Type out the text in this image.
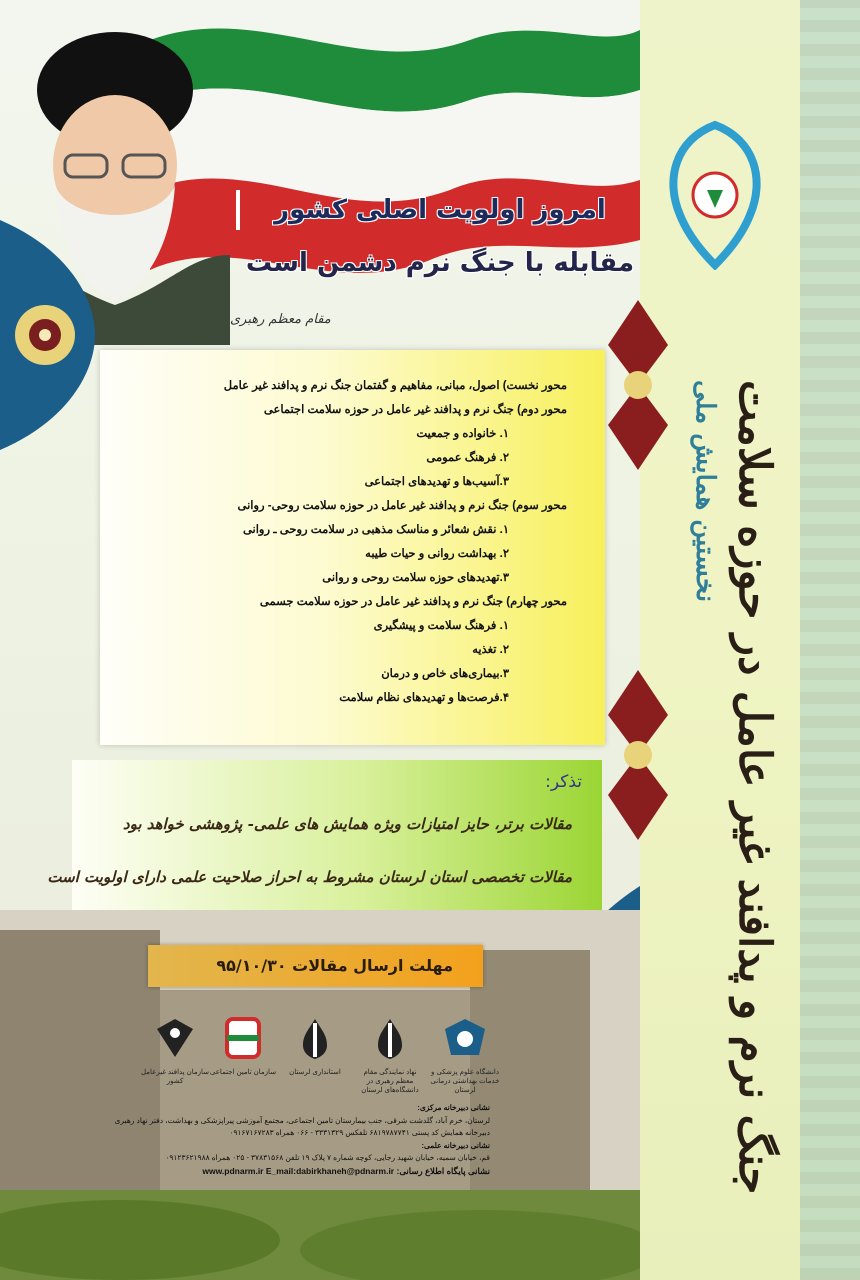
نخستین همایش ملی جنگ نرم و پدافند غیر عامل در حوزه سلامت
امروز اولویت اصلی کشور
مقابله با جنگ نرم دشمن است
مقام معظم رهبری
محور نخست) اصول، مبانی، مفاهیم و گفتمان جنگ نرم و پدافند غیر عامل
محور دوم) جنگ نرم و پدافند غیر عامل در حوزه سلامت اجتماعی
۱. خانواده و جمعیت
۲. فرهنگ عمومی
۳.آسیب‌ها و تهدیدهای اجتماعی
محور سوم) جنگ نرم و پدافند غیر عامل در حوزه سلامت روحی- روانی
۱. نقش شعائر و مناسک مذهبی در سلامت روحی ـ روانی
۲. بهداشت روانی و حیات طیبه
۳.تهدیدهای حوزه سلامت روحی و روانی
محور چهارم) جنگ نرم و پدافند غیر عامل در حوزه سلامت جسمی
۱. فرهنگ سلامت و پیشگیری
۲. تغذیه
۳.بیماری‌های خاص و درمان
۴.فرصت‌ها و تهدیدهای نظام سلامت
تذکر:
مقالات برتر، حایز امتیازات ویژه همایش های علمی- پژوهشی خواهد بود
مقالات تخصصی استان لرستان مشروط به احراز صلاحیت علمی دارای اولویت است
مهلت ارسال مقالات ۹۵/۱۰/۳۰
دانشگاه علوم پزشکی و خدمات بهداشتی درمانی لرستان
نهاد نمایندگی مقام معظم رهبری در دانشگاه‌های لرستان
استانداری لرستان
سازمان تامین اجتماعی
سازمان پدافند غیرعامل کشور
نشانی دبیرخانه مرکزی:
لرستان، خرم آباد، گلدشت شرقی، جنب بیمارستان تامین اجتماعی، مجتمع آموزشی پیراپزشکی و بهداشت، دفتر نهاد رهبری
دبیرخانه همایش کد پستی ۶۸۱۹۷۸۷۷۴۱ تلفکس ۳۳۳۱۳۲۹ - ۰۶۶ همراه ۰۹۱۶۷۱۶۷۲۸۳
نشانی دبیرخانه علمی:
قم، خیابان سمیه، خیابان شهید رجایی، کوچه شماره ۷ پلاک ۱۹ تلفن ۳۷۸۳۱۵۶۸ - ۰۲۵ همراه ۰۹۱۲۳۶۲۱۹۸۸
نشانی پایگاه اطلاع رسانی: www.pdnarm.ir E_mail:dabirkhaneh@pdnarm.ir
